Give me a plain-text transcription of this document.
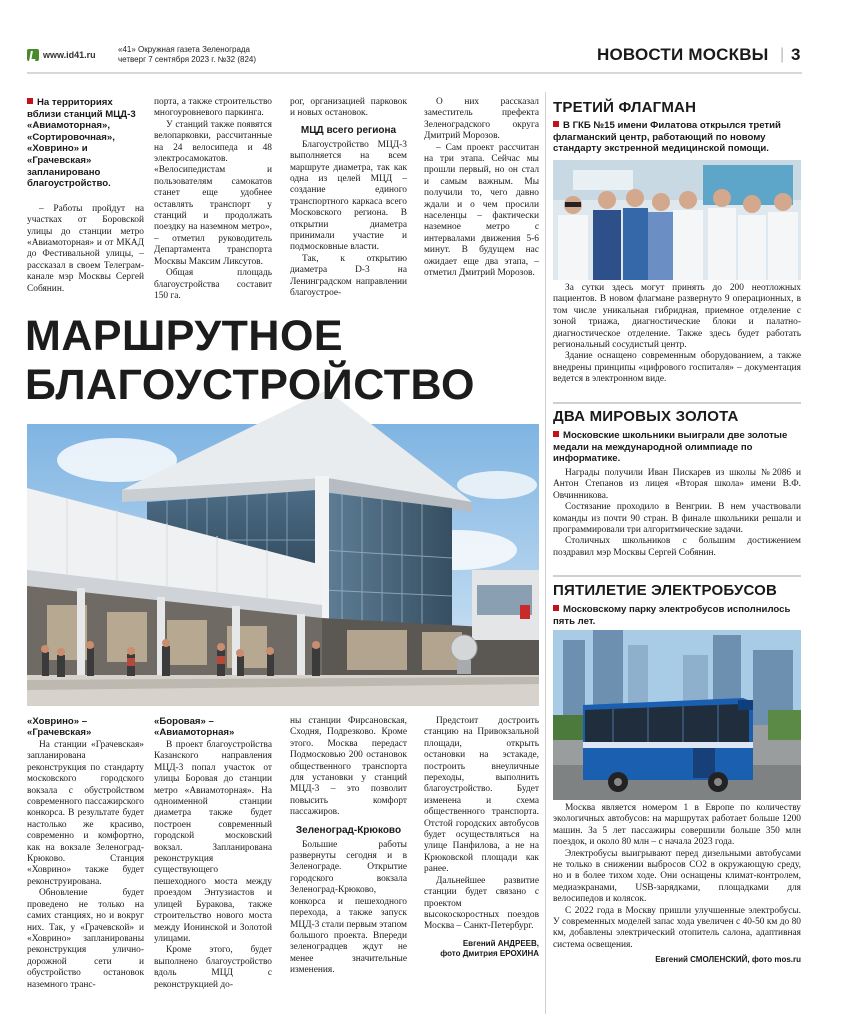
www.id41.ru
«41» Окружная газета Зеленограда
четверг 7 сентября 2023 г. №32 (824)	НОВОСТИ МОСКВЫ | 3
На территориях вблизи станций МЦД-3 «Авиамоторная», «Сортировочная», «Ховрино» и «Грачевская» запланировано благоустройство.

– Работы пройдут на участках от Боровской улицы до станции метро «Авиамоторная» и от МКАД до Фестивальной улицы, – рассказал в своем Телеграм-канале мэр Москвы Сергей Собянин.

порта, а также строительство многоуровневого паркинга.

У станций также появятся велопарковки, рассчитанные на 24 велосипеда и 48 электросамокатов. «Велосипедистам и пользователям самокатов станет еще удобнее оставлять транспорт у станций и продолжать поездку на наземном метро», – отметил руководитель Департамента транспорта Москвы Максим Ликсутов.

Общая площадь благоустройства составит 150 га.

рог, организацией парковок и новых остановок.

МЦД всего региона

Благоустройство МЦД-3 выполняется на всем маршруте диаметра, так как одна из целей МЦД – создание единого транспортного каркаса всего Московского региона. В открытии диаметра принимали участие и подмосковные власти.

Так, к открытию диаметра D-3 на Ленинградском направлении благоустрое-

О них рассказал заместитель префекта Зеленоградского округа Дмитрий Морозов.

– Сам проект рассчитан на три этапа. Сейчас мы прошли первый, но он стал и самым важным. Мы получили то, чего давно ждали и о чем просили населенцы – фактически наземное метро с интервалами движения 5-6 минут. В будущем нас ожидает еще два этапа, – отметил Дмитрий Морозов.

МАРШРУТНОЕ
БЛАГОУСТРОЙСТВО
«Ховрино» – «Грачевская»

На станции «Грачевская» запланирована реконструкция по стандарту московского городского вокзала с обустройством современного пассажирского конкорса. В результате будет настолько же красиво, современно и комфортно, как на вокзале Зеленоград-Крюково. Станция «Ховрино» также будет реконструирована.

Обновление будет проведено не только на самих станциях, но и вокруг них. Так, у «Грачевской» и «Ховрино» запланированы реконструкция улично-дорожной сети и обустройство остановок наземного транс-

«Боровая» – «Авиамоторная»

В проект благоустройства Казанского направления МЦД-3 попал участок от улицы Боровая до станции метро «Авиамоторная». На одноименной станции диаметра также будет построен современный городской московский вокзал. Запланирована реконструкция существующего пешеходного моста между проездом Энтузиастов и улицей Буракова, также строительство нового моста между Ионинской и Золотой улицами.

Кроме этого, будет выполнено благоустройство вдоль МЦД с реконструкцией до-

ны станции Фирсановская, Сходня, Подрезково. Кроме этого. Москва передаст Подмосковью 200 остановок общественного транспорта для установки у станций МЦД-3 – это позволит повысить комфорт пассажиров.

Зеленоград-Крюково

Большие работы развернуты сегодня и в Зеленограде. Открытие городского вокзала Зеленоград-Крюково, конкорса и пешеходного перехода, а также запуск МЦД-3 стали первым этапом большого проекта. Впереди зеленоградцев ждут не менее значительные изменения.

Предстоит достроить станцию на Привокзальной площади, открыть остановки на эстакаде, построить внеуличные переходы, выполнить благоустройство. Будет изменена и схема общественного транспорта. Отстой городских автобусов будет осуществляться на улице Панфилова, а не на Крюковской площади как ранее.

Дальнейшее развитие станции будет связано с проектом высокоскоростных поездов Москва – Санкт-Петербург.

Евгений АНДРЕЕВ,
фото Дмитрия ЕРОХИНА
ТРЕТИЙ ФЛАГМАН
В ГКБ №15 имени Филатова открылся третий флагманский центр, работающий по новому стандарту экстренной медицинской помощи.

За сутки здесь могут принять до 200 неотложных пациентов. В новом флагмане развернуто 9 операционных, в том числе уникальная гибридная, приемное отделение с зоной триажа, диагностические блоки и палатно-диагностическое отделение. Также здесь будет работать региональный сосудистый центр.

Здание оснащено современным оборудованием, а также внедрены принципы «цифрового госпиталя» – документация ведется в электронном виде.

ДВА МИРОВЫХ ЗОЛОТА
Московские школьники выиграли две золотые медали на международной олимпиаде по информатике.

Награды получили Иван Пискарев из школы №2086 и Антон Степанов из лицея «Вторая школа» имени В.Ф. Овчинникова.

Состязание проходило в Венгрии. В нем участвовали команды из почти 90 стран. В финале школьники решали и программировали три алгоритмические задачи.

Столичных школьников с большим достижением поздравил мэр Москвы Сергей Собянин.

ПЯТИЛЕТИЕ ЭЛЕКТРОБУСОВ
Московскому парку электробусов исполнилось пять лет.

Москва является номером 1 в Европе по количеству экологичных автобусов: на маршрутах работает больше 1200 машин. За 5 лет пассажиры совершили больше 350 млн поездок, и около 80 млн – с начала 2023 года.

Электробусы выигрывают перед дизельными автобусами не только в снижении выбросов CO2 в окружающую среду, но и в более тихом ходе. Они оснащены климат-контролем, медиаэкранами, USB-зарядками, площадками для велосипедов и колясок.

С 2022 года в Москву пришли улучшенные электробусы. У современных моделей запас хода увеличен с 40-50 км до 80 км, добавлены электрический отопитель салона, адаптивная система освещения.

Евгений СМОЛЕНСКИЙ, фото mos.ru
